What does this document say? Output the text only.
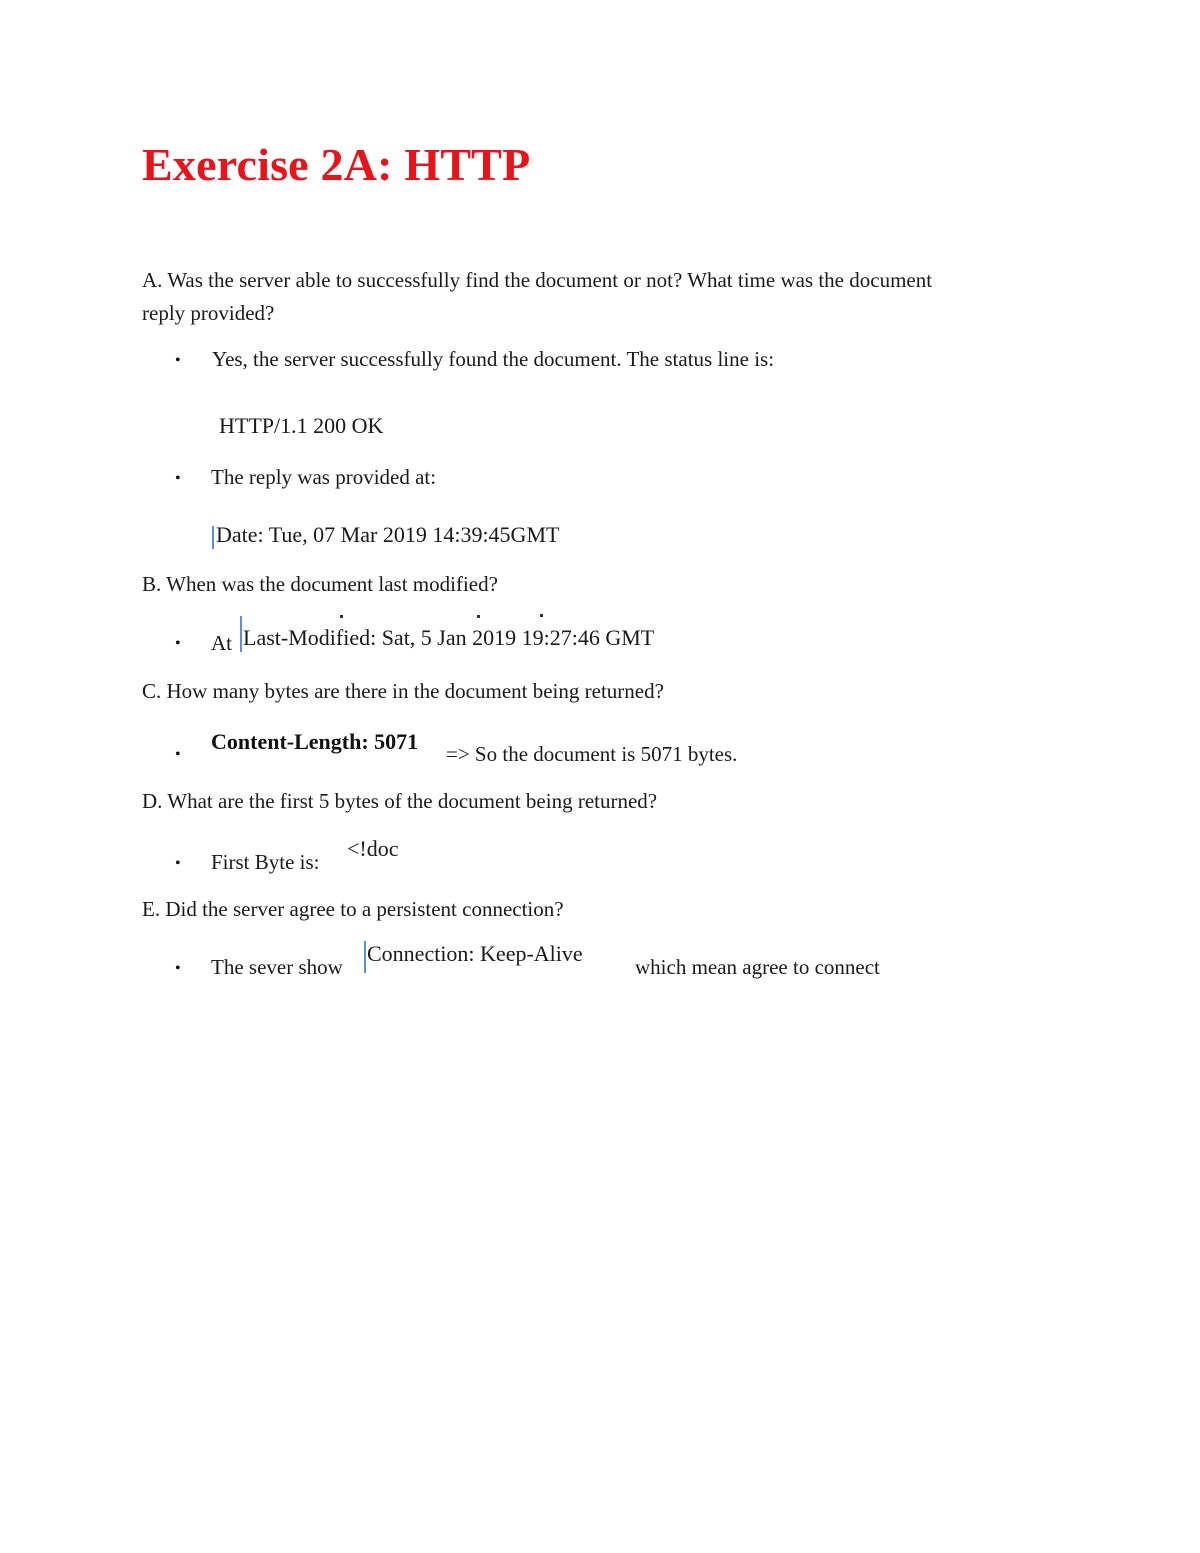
Exercise 2A: HTTP
A. Was the server able to successfully find the document or not? What time was the document
reply provided?
• Yes, the server successfully found the document. The status line is:
HTTP/1.1 200 OK
• The reply was provided at:
Date: Tue, 07 Mar 2019 14:39:45GMT
B. When was the document last modified?
• At Last-Modified: Sat, 5 Jan 2019 19:27:46 GMT
C. How many bytes are there in the document being returned?
•
Content-Length: 5071 => So the document is 5071 bytes.
D. What are the first 5 bytes of the document being returned?
• First Byte is:
<!doc
E. Did the server agree to a persistent connection?
• The sever show
Connection: Keep-Alive
which mean agree to connect
